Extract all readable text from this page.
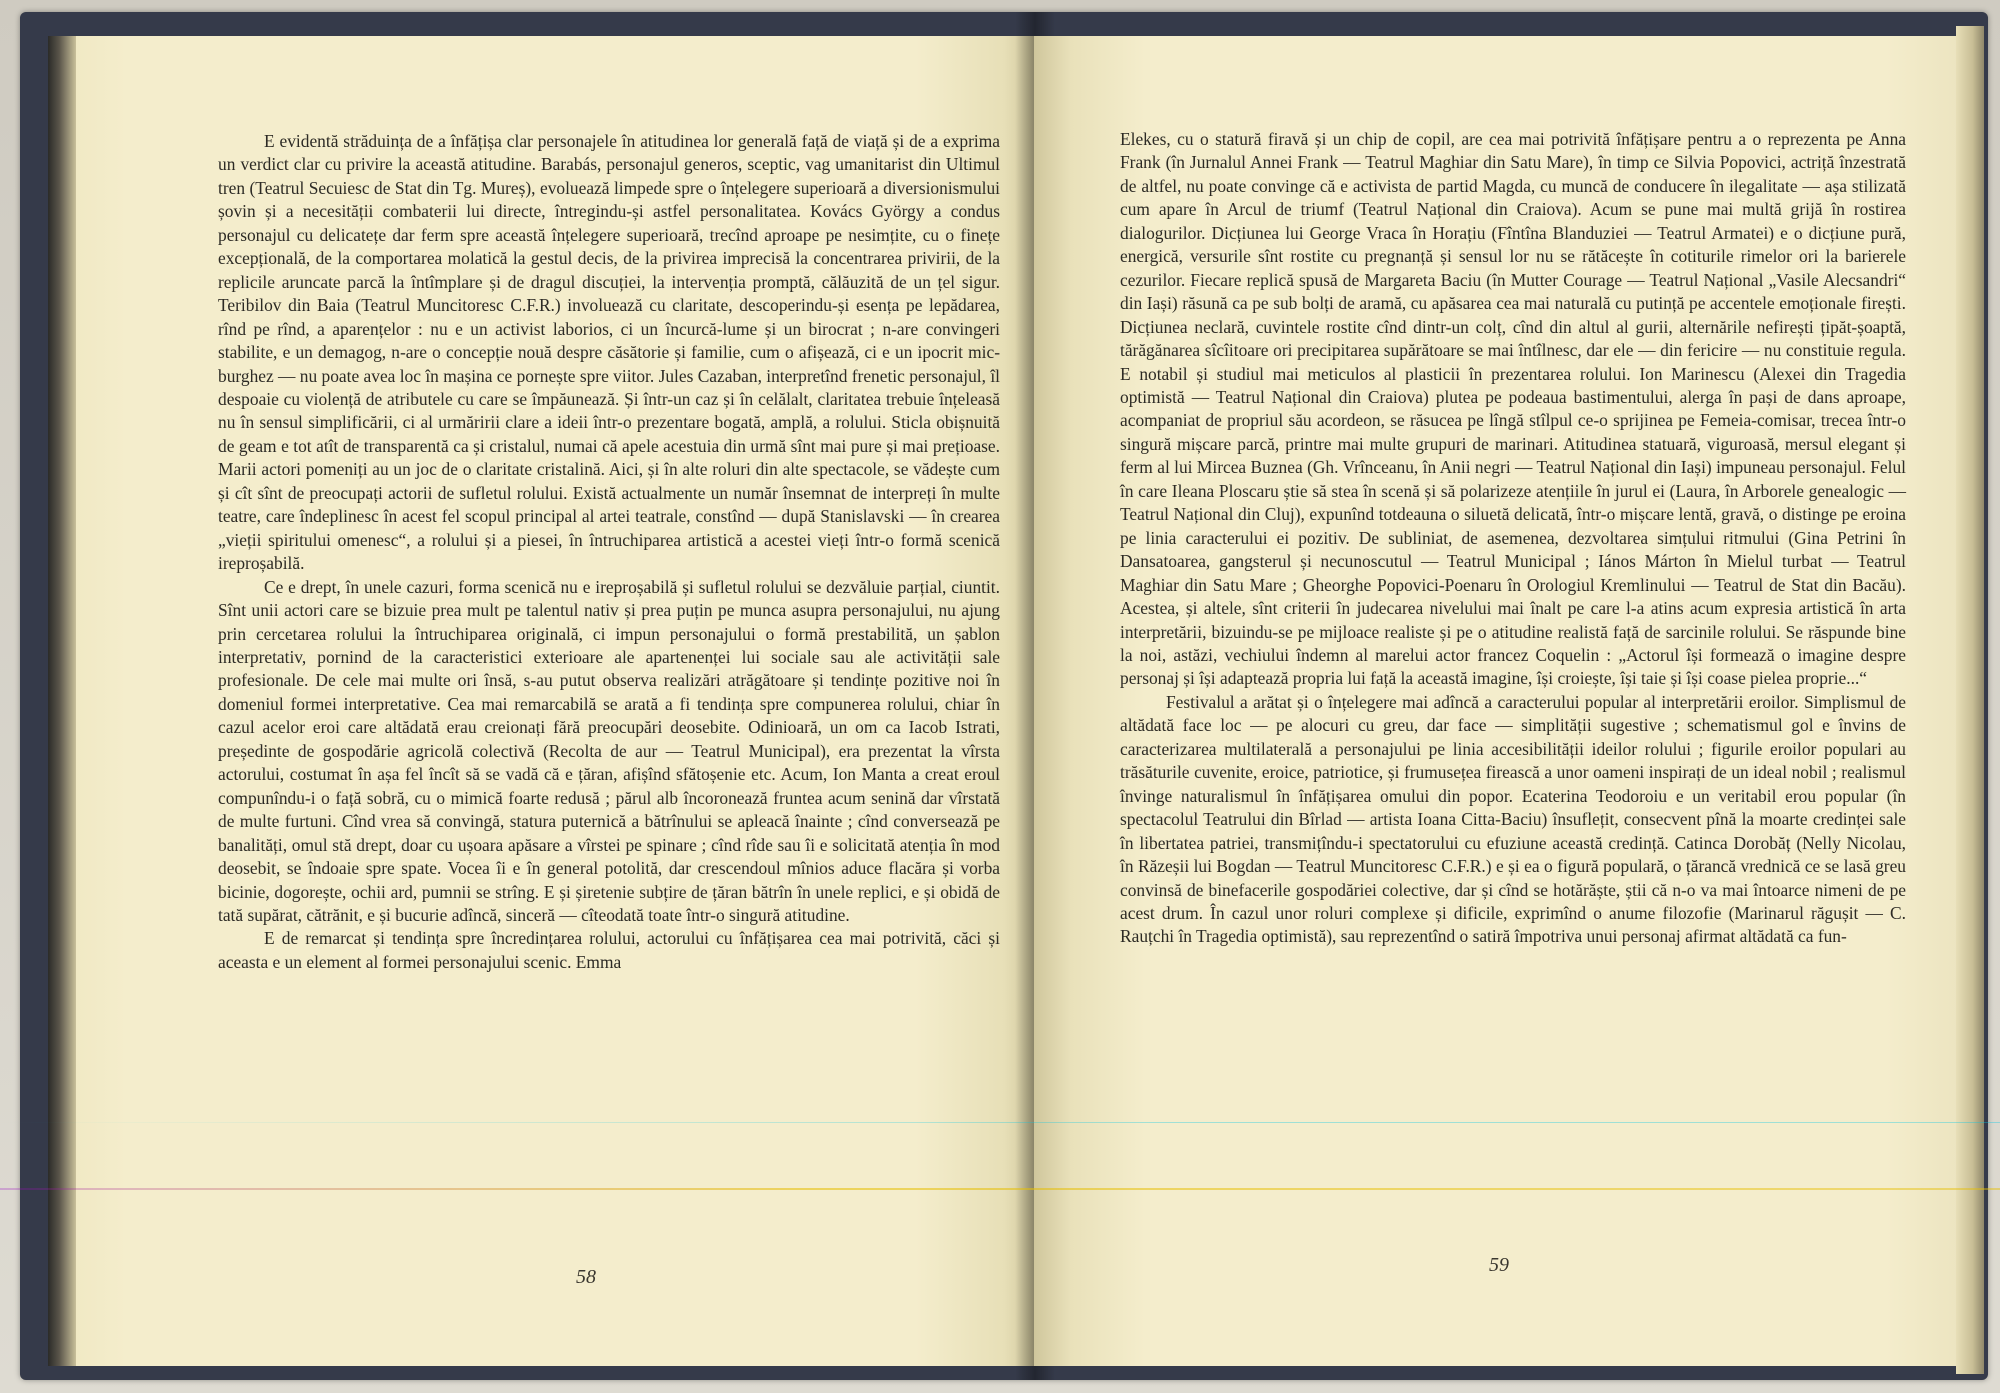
E evidentă străduința de a înfățișa clar personajele în atitudinea lor generală față de viață și de a exprima un verdict clar cu privire la această atitudine. Barabás, personajul generos, sceptic, vag umanitarist din Ultimul tren (Teatrul Secuiesc de Stat din Tg. Mureș), evoluează limpede spre o înțelegere superioară a diversionismului șovin și a necesității combaterii lui directe, întregindu-și astfel personalitatea. Kovács György a condus personajul cu delicatețe dar ferm spre această înțelegere superioară, trecînd aproape pe nesimțite, cu o finețe excepțională, de la comportarea molatică la gestul decis, de la privirea imprecisă la concentrarea privirii, de la replicile aruncate parcă la întîmplare și de dragul discuției, la intervenția promptă, călăuzită de un țel sigur. Teribilov din Baia (Teatrul Muncitoresc C.F.R.) involuează cu claritate, descoperindu-și esența pe lepădarea, rînd pe rînd, a aparențelor : nu e un activist laborios, ci un încurcă-lume și un birocrat ; n-are convingeri stabilite, e un demagog, n-are o concepție nouă despre căsătorie și familie, cum o afișează, ci e un ipocrit mic-burghez — nu poate avea loc în mașina ce pornește spre viitor. Jules Cazaban, interpretînd frenetic personajul, îl despoaie cu violență de atributele cu care se împăunează. Și într-un caz și în celălalt, claritatea trebuie înțeleasă nu în sensul simplificării, ci al urmăririi clare a ideii într-o prezentare bogată, amplă, a rolului. Sticla obișnuită de geam e tot atît de transparentă ca și cristalul, numai că apele acestuia din urmă sînt mai pure și mai prețioase. Marii actori pomeniți au un joc de o claritate cristalină. Aici, și în alte roluri din alte spectacole, se vădește cum și cît sînt de preocupați actorii de sufletul rolului. Există actualmente un număr însemnat de interpreți în multe teatre, care îndeplinesc în acest fel scopul principal al artei teatrale, constînd — după Stanislavski — în crearea „vieții spiritului omenesc“, a rolului și a piesei, în întruchiparea artistică a acestei vieți într-o formă scenică ireproșabilă.

Ce e drept, în unele cazuri, forma scenică nu e ireproșabilă și sufletul rolului se dezvăluie parțial, ciuntit. Sînt unii actori care se bizuie prea mult pe talentul nativ și prea puțin pe munca asupra personajului, nu ajung prin cercetarea rolului la întruchiparea originală, ci impun personajului o formă prestabilită, un șablon interpretativ, pornind de la caracteristici exterioare ale apartenenței lui sociale sau ale activității sale profesionale. De cele mai multe ori însă, s-au putut observa realizări atrăgătoare și tendințe pozitive noi în domeniul formei interpretative. Cea mai remarcabilă se arată a fi tendința spre compunerea rolului, chiar în cazul acelor eroi care altădată erau creionați fără preocupări deosebite. Odinioară, un om ca Iacob Istrati, președinte de gospodărie agricolă colectivă (Recolta de aur — Teatrul Municipal), era prezentat la vîrsta actorului, costumat în așa fel încît să se vadă că e țăran, afișînd sfătoșenie etc. Acum, Ion Manta a creat eroul compunîndu-i o față sobră, cu o mimică foarte redusă ; părul alb încoronează fruntea acum senină dar vîrstată de multe furtuni. Cînd vrea să convingă, statura puternică a bătrînului se apleacă înainte ; cînd conversează pe banalități, omul stă drept, doar cu ușoara apăsare a vîrstei pe spinare ; cînd rîde sau îi e solicitată atenția în mod deosebit, se îndoaie spre spate. Vocea îi e în general potolită, dar crescendoul mînios aduce flacăra și vorba bicinie, dogorește, ochii ard, pumnii se strîng. E și șiretenie subțire de țăran bătrîn în unele replici, e și obidă de tată supărat, cătrănit, e și bucurie adîncă, sinceră — cîteodată toate într-o singură atitudine.

E de remarcat și tendința spre încredințarea rolului, actorului cu înfățișarea cea mai potrivită, căci și aceasta e un element al formei personajului scenic. Emma

58

Elekes, cu o statură firavă și un chip de copil, are cea mai potrivită înfățișare pentru a o reprezenta pe Anna Frank (în Jurnalul Annei Frank — Teatrul Maghiar din Satu Mare), în timp ce Silvia Popovici, actriță înzestrată de altfel, nu poate convinge că e activista de partid Magda, cu muncă de conducere în ilegalitate — așa stilizată cum apare în Arcul de triumf (Teatrul Național din Craiova). Acum se pune mai multă grijă în rostirea dialogurilor. Dicțiunea lui George Vraca în Horațiu (Fîntîna Blanduziei — Teatrul Armatei) e o dicțiune pură, energică, versurile sînt rostite cu pregnanță și sensul lor nu se rătăcește în cotiturile rimelor ori la barierele cezurilor. Fiecare replică spusă de Margareta Baciu (în Mutter Courage — Teatrul Național „Vasile Alecsandri“ din Iași) răsună ca pe sub bolți de aramă, cu apăsarea cea mai naturală cu putință pe accentele emoționale firești. Dicțiunea neclară, cuvintele rostite cînd dintr-un colț, cînd din altul al gurii, alternările nefirești țipăt-șoaptă, tărăgănarea sîcîitoare ori precipitarea supărătoare se mai întîlnesc, dar ele — din fericire — nu constituie regula. E notabil și studiul mai meticulos al plasticii în prezentarea rolului. Ion Marinescu (Alexei din Tragedia optimistă — Teatrul Național din Craiova) plutea pe podeaua bastimentului, alerga în pași de dans aproape, acompaniat de propriul său acordeon, se răsucea pe lîngă stîlpul ce-o sprijinea pe Femeia-comisar, trecea într-o singură mișcare parcă, printre mai multe grupuri de marinari. Atitudinea statuară, viguroasă, mersul elegant și ferm al lui Mircea Buznea (Gh. Vrînceanu, în Anii negri — Teatrul Național din Iași) impuneau personajul. Felul în care Ileana Ploscaru știe să stea în scenă și să polarizeze atențiile în jurul ei (Laura, în Arborele genealogic — Teatrul Național din Cluj), expunînd totdeauna o siluetă delicată, într-o mișcare lentă, gravă, o distinge pe eroina pe linia caracterului ei pozitiv. De subliniat, de asemenea, dezvoltarea simțului ritmului (Gina Petrini în Dansatoarea, gangsterul și necunoscutul — Teatrul Municipal ; Iános Márton în Mielul turbat — Teatrul Maghiar din Satu Mare ; Gheorghe Popovici-Poenaru în Orologiul Kremlinului — Teatrul de Stat din Bacău). Acestea, și altele, sînt criterii în judecarea nivelului mai înalt pe care l-a atins acum expresia artistică în arta interpretării, bizuindu-se pe mijloace realiste și pe o atitudine realistă față de sarcinile rolului. Se răspunde bine la noi, astăzi, vechiului îndemn al marelui actor francez Coquelin : „Actorul își formează o imagine despre personaj și își adaptează propria lui față la această imagine, își croiește, își taie și își coase pielea proprie...“

Festivalul a arătat și o înțelegere mai adîncă a caracterului popular al interpretării eroilor. Simplismul de altădată face loc — pe alocuri cu greu, dar face — simplității sugestive ; schematismul gol e învins de caracterizarea multilaterală a personajului pe linia accesibilității ideilor rolului ; figurile eroilor populari au trăsăturile cuvenite, eroice, patriotice, și frumusețea firească a unor oameni inspirați de un ideal nobil ; realismul învinge naturalismul în înfățișarea omului din popor. Ecaterina Teodoroiu e un veritabil erou popular (în spectacolul Teatrului din Bîrlad — artista Ioana Citta-Baciu) însuflețit, consecvent pînă la moarte credinței sale în libertatea patriei, transmițîndu-i spectatorului cu efuziune această credință. Catinca Dorobăț (Nelly Nicolau, în Răzeșii lui Bogdan — Teatrul Muncitoresc C.F.R.) e și ea o figură populară, o țărancă vrednică ce se lasă greu convinsă de binefacerile gospodăriei colective, dar și cînd se hotărăște, știi că n-o va mai întoarce nimeni de pe acest drum. În cazul unor roluri complexe și dificile, exprimînd o anume filozofie (Marinarul răgușit — C. Rauțchi în Tragedia optimistă), sau reprezentînd o satiră împotriva unui personaj afirmat altădată ca fun-

59
